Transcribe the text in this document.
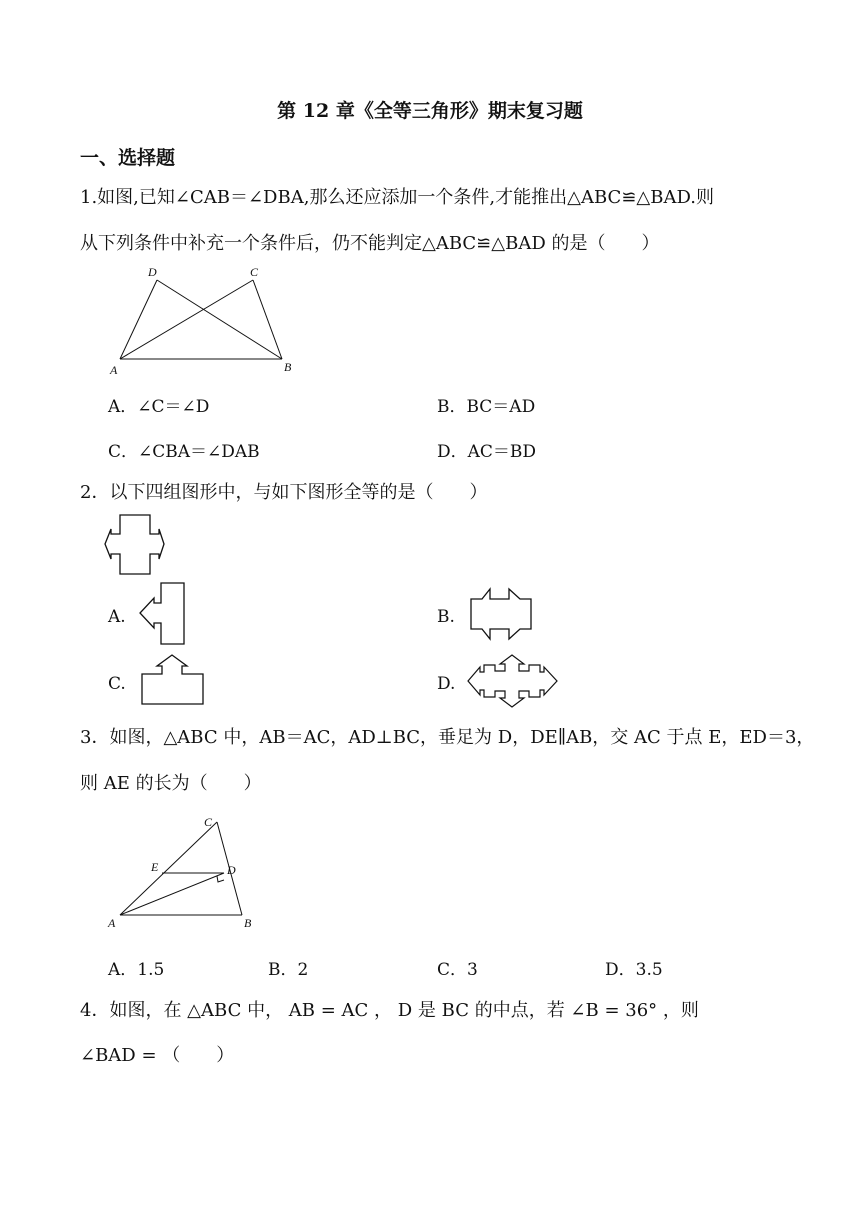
第 12 章《全等三角形》期末复习题
一、选择题
1.如图,已知∠CAB＝∠DBA,那么还应添加一个条件,才能推出△ABC≌△BAD.则
从下列条件中补充一个条件后，仍不能判定△ABC≌△BAD 的是（　　）
D	C
A	B
A．∠C＝∠D	B．BC＝AD
C．∠CBA＝∠DAB	D．AC＝BD
2．以下四组图形中，与如下图形全等的是（　　）
A.	B.
C.	D.
3．如图，△ABC 中，AB＝AC，AD⊥BC，垂足为 D，DE∥AB，交 AC 于点 E，ED＝3，
则 AE 的长为（　　）
C
E	D
A	B
A．1.5	B．2	C．3	D．3.5
4．如图，在 △ABC 中， AB = AC ， D 是 BC 的中点，若 ∠B = 36° ，则
∠BAD = （　　）
